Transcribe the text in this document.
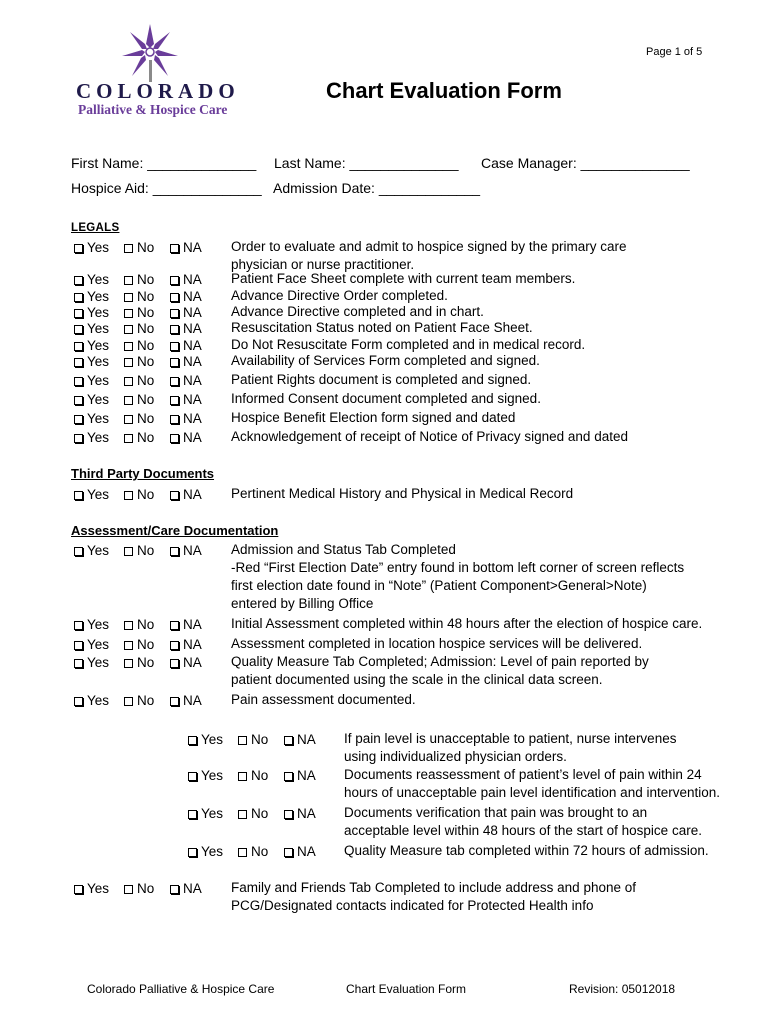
Page 1 of 5
COLORADO
Palliative & Hospice Care
Chart Evaluation Form
First Name: ______________ Last Name: ______________ Case Manager: ______________
Hospice Aid: ______________ Admission Date: _____________
LEGALS
Third Party Documents
Assessment/Care Documentation
Yes No NA	Order to evaluate and admit to hospice signed by the primary care
physician or nurse practitioner.
Yes No NA	Patient Face Sheet complete with current team members.
Yes No NA	Advance Directive Order completed.
Yes No NA	Advance Directive completed and in chart.
Yes No NA	Resuscitation Status noted on Patient Face Sheet.
Yes No NA	Do Not Resuscitate Form completed and in medical record.
Yes No NA	Availability of Services Form completed and signed.
Yes No NA	Patient Rights document is completed and signed.
Yes No NA	Informed Consent document completed and signed.
Yes No NA	Hospice Benefit Election form signed and dated
Yes No NA	Acknowledgement of receipt of Notice of Privacy signed and dated
Yes No NA	Pertinent Medical History and Physical in Medical Record
Yes No NA	Admission and Status Tab Completed
-Red “First Election Date” entry found in bottom left corner of screen reflects
first election date found in “Note” (Patient Component>General>Note)
entered by Billing Office
Yes No NA	Initial Assessment completed within 48 hours after the election of hospice care.
Yes No NA	Assessment completed in location hospice services will be delivered.
Yes No NA	Quality Measure Tab Completed; Admission: Level of pain reported by
patient documented using the scale in the clinical data screen.
Yes No NA	Pain assessment documented.
Yes No NA	If pain level is unacceptable to patient, nurse intervenes
using individualized physician orders.
Yes No NA	Documents reassessment of patient’s level of pain within 24
hours of unacceptable pain level identification and intervention.
Yes No NA	Documents verification that pain was brought to an
acceptable level within 48 hours of the start of hospice care.
Yes No NA	Quality Measure tab completed within 72 hours of admission.
Yes No NA	Family and Friends Tab Completed to include address and phone of
PCG/Designated contacts indicated for Protected Health info
Colorado Palliative & Hospice Care	Chart Evaluation Form	Revision: 05012018
